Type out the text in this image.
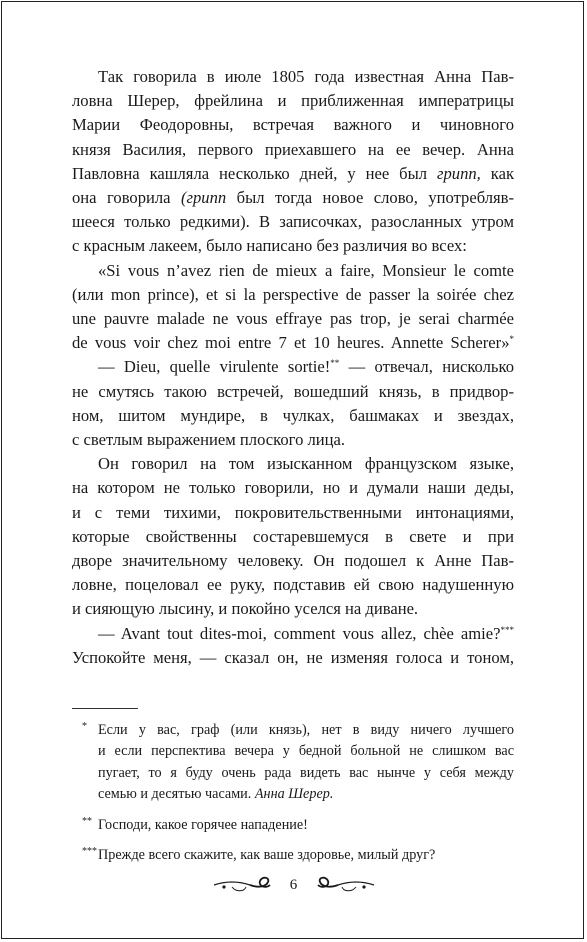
Так говорила в июле 1805 года известная Анна Пав-
ловна Шерер, фрейлина и приближенная императрицы
Марии Феодоровны, встречая важного и чиновного
князя Василия, первого приехавшего на ее вечер. Анна
Павловна кашляла несколько дней, у нее был грипп, как
она говорила (грипп был тогда новое слово, употребляв-
шееся только редкими). В записочках, разосланных утром
с красным лакеем, было написано без различия во всех:
«Si vous n’avez rien de mieux a faire, Monsieur le comte
(или mon prince), et si la perspective de passer la soirée chez
une pauvre malade ne vous effraye pas trop, je serai charmée
de vous voir chez moi entre 7 et 10 heures. Annette Scherer»*
— Dieu, quelle virulente sortie!** — отвечал, нисколько
не смутясь такою встречей, вошедший князь, в придвор-
ном, шитом мундире, в чулках, башмаках и звездах,
с светлым выражением плоского лица.
Он говорил на том изысканном французском языке,
на котором не только говорили, но и думали наши деды,
и с теми тихими, покровительственными интонациями,
которые свойственны состаревшемуся в свете и при
дворе значительному человеку. Он подошел к Анне Пав-
ловне, поцеловал ее руку, подставив ей свою надушенную
и сияющую лысину, и покойно уселся на диване.
— Avant tout dites-moi, comment vous allez, chèe amie?***
Успокойте меня, — сказал он, не изменяя голоса и тоном,
* Если у вас, граф (или князь), нет в виду ничего лучшего
и если перспектива вечера у бедной больной не слишком вас
пугает, то я буду очень рада видеть вас нынче у себя между
семью и десятью часами. Анна Шерер.
** Господи, какое горячее нападение!
***Прежде всего скажите, как ваше здоровье, милый друг?
6
